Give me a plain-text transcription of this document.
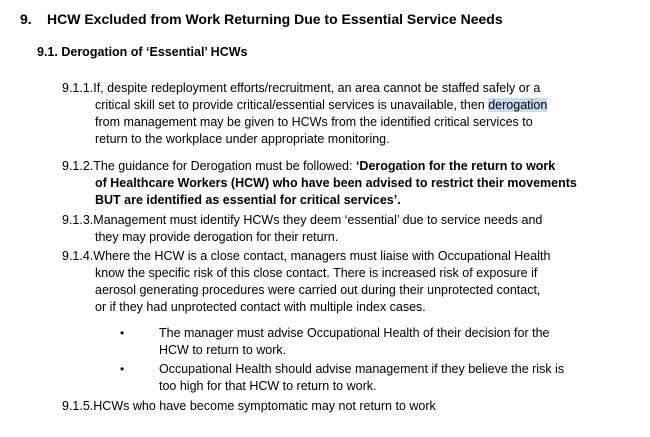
9. HCW Excluded from Work Returning Due to Essential Service Needs
9.1. Derogation of ‘Essential’ HCWs
9.1.1.If, despite redeployment efforts/recruitment, an area cannot be staffed safely or a
critical skill set to provide critical/essential services is unavailable, then derogation
from management may be given to HCWs from the identified critical services to
return to the workplace under appropriate monitoring.
9.1.2.The guidance for Derogation must be followed: ‘Derogation for the return to work
of Healthcare Workers (HCW) who have been advised to restrict their movements
BUT are identified as essential for critical services’.
9.1.3.Management must identify HCWs they deem ‘essential’ due to service needs and
they may provide derogation for their return.
9.1.4.Where the HCW is a close contact, managers must liaise with Occupational Health
know the specific risk of this close contact. There is increased risk of exposure if
aerosol generating procedures were carried out during their unprotected contact,
or if they had unprotected contact with multiple index cases.
•	The manager must advise Occupational Health of their decision for the
HCW to return to work.
•	Occupational Health should advise management if they believe the risk is
too high for that HCW to return to work.
9.1.5.HCWs who have become symptomatic may not return to work
